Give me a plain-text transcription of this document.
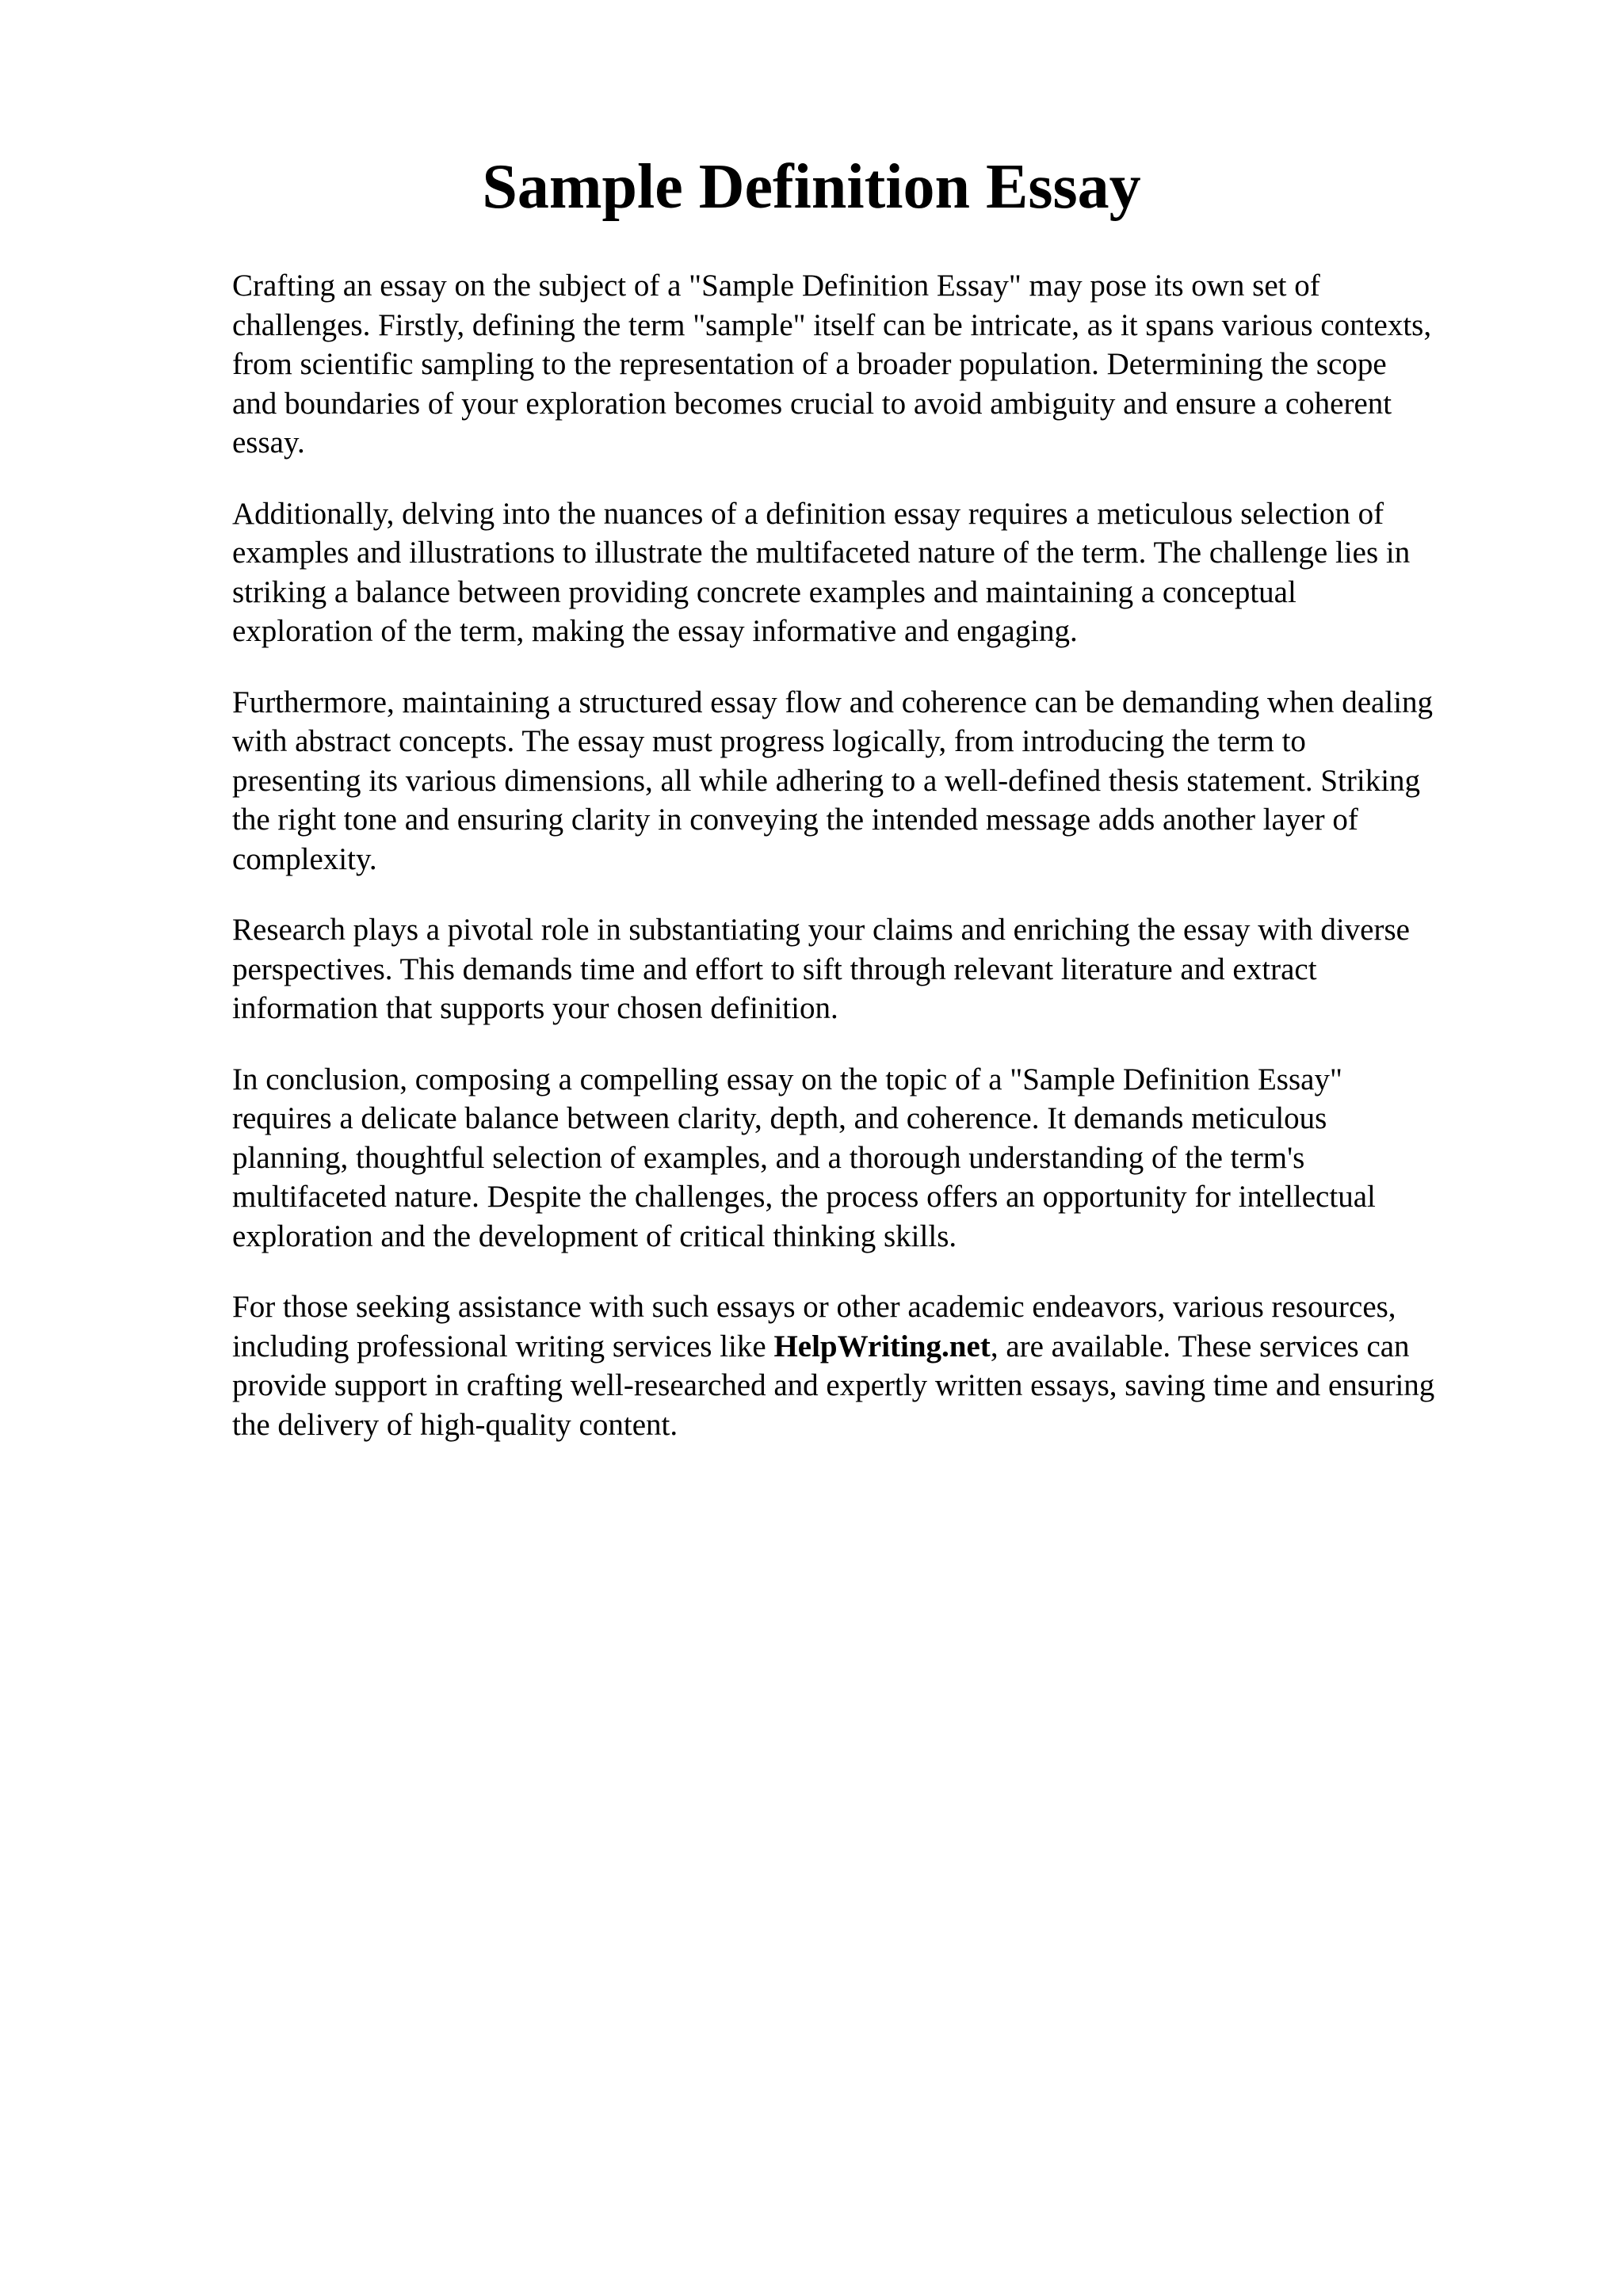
Sample Definition Essay

Crafting an essay on the subject of a "Sample Definition Essay" may pose its own set of
challenges. Firstly, defining the term "sample" itself can be intricate, as it spans various contexts,
from scientific sampling to the representation of a broader population. Determining the scope
and boundaries of your exploration becomes crucial to avoid ambiguity and ensure a coherent
essay.

Additionally, delving into the nuances of a definition essay requires a meticulous selection of
examples and illustrations to illustrate the multifaceted nature of the term. The challenge lies in
striking a balance between providing concrete examples and maintaining a conceptual
exploration of the term, making the essay informative and engaging.

Furthermore, maintaining a structured essay flow and coherence can be demanding when dealing
with abstract concepts. The essay must progress logically, from introducing the term to
presenting its various dimensions, all while adhering to a well-defined thesis statement. Striking
the right tone and ensuring clarity in conveying the intended message adds another layer of
complexity.

Research plays a pivotal role in substantiating your claims and enriching the essay with diverse
perspectives. This demands time and effort to sift through relevant literature and extract
information that supports your chosen definition.

In conclusion, composing a compelling essay on the topic of a "Sample Definition Essay"
requires a delicate balance between clarity, depth, and coherence. It demands meticulous
planning, thoughtful selection of examples, and a thorough understanding of the term's
multifaceted nature. Despite the challenges, the process offers an opportunity for intellectual
exploration and the development of critical thinking skills.

For those seeking assistance with such essays or other academic endeavors, various resources,
including professional writing services like HelpWriting.net, are available. These services can
provide support in crafting well-researched and expertly written essays, saving time and ensuring
the delivery of high-quality content.
